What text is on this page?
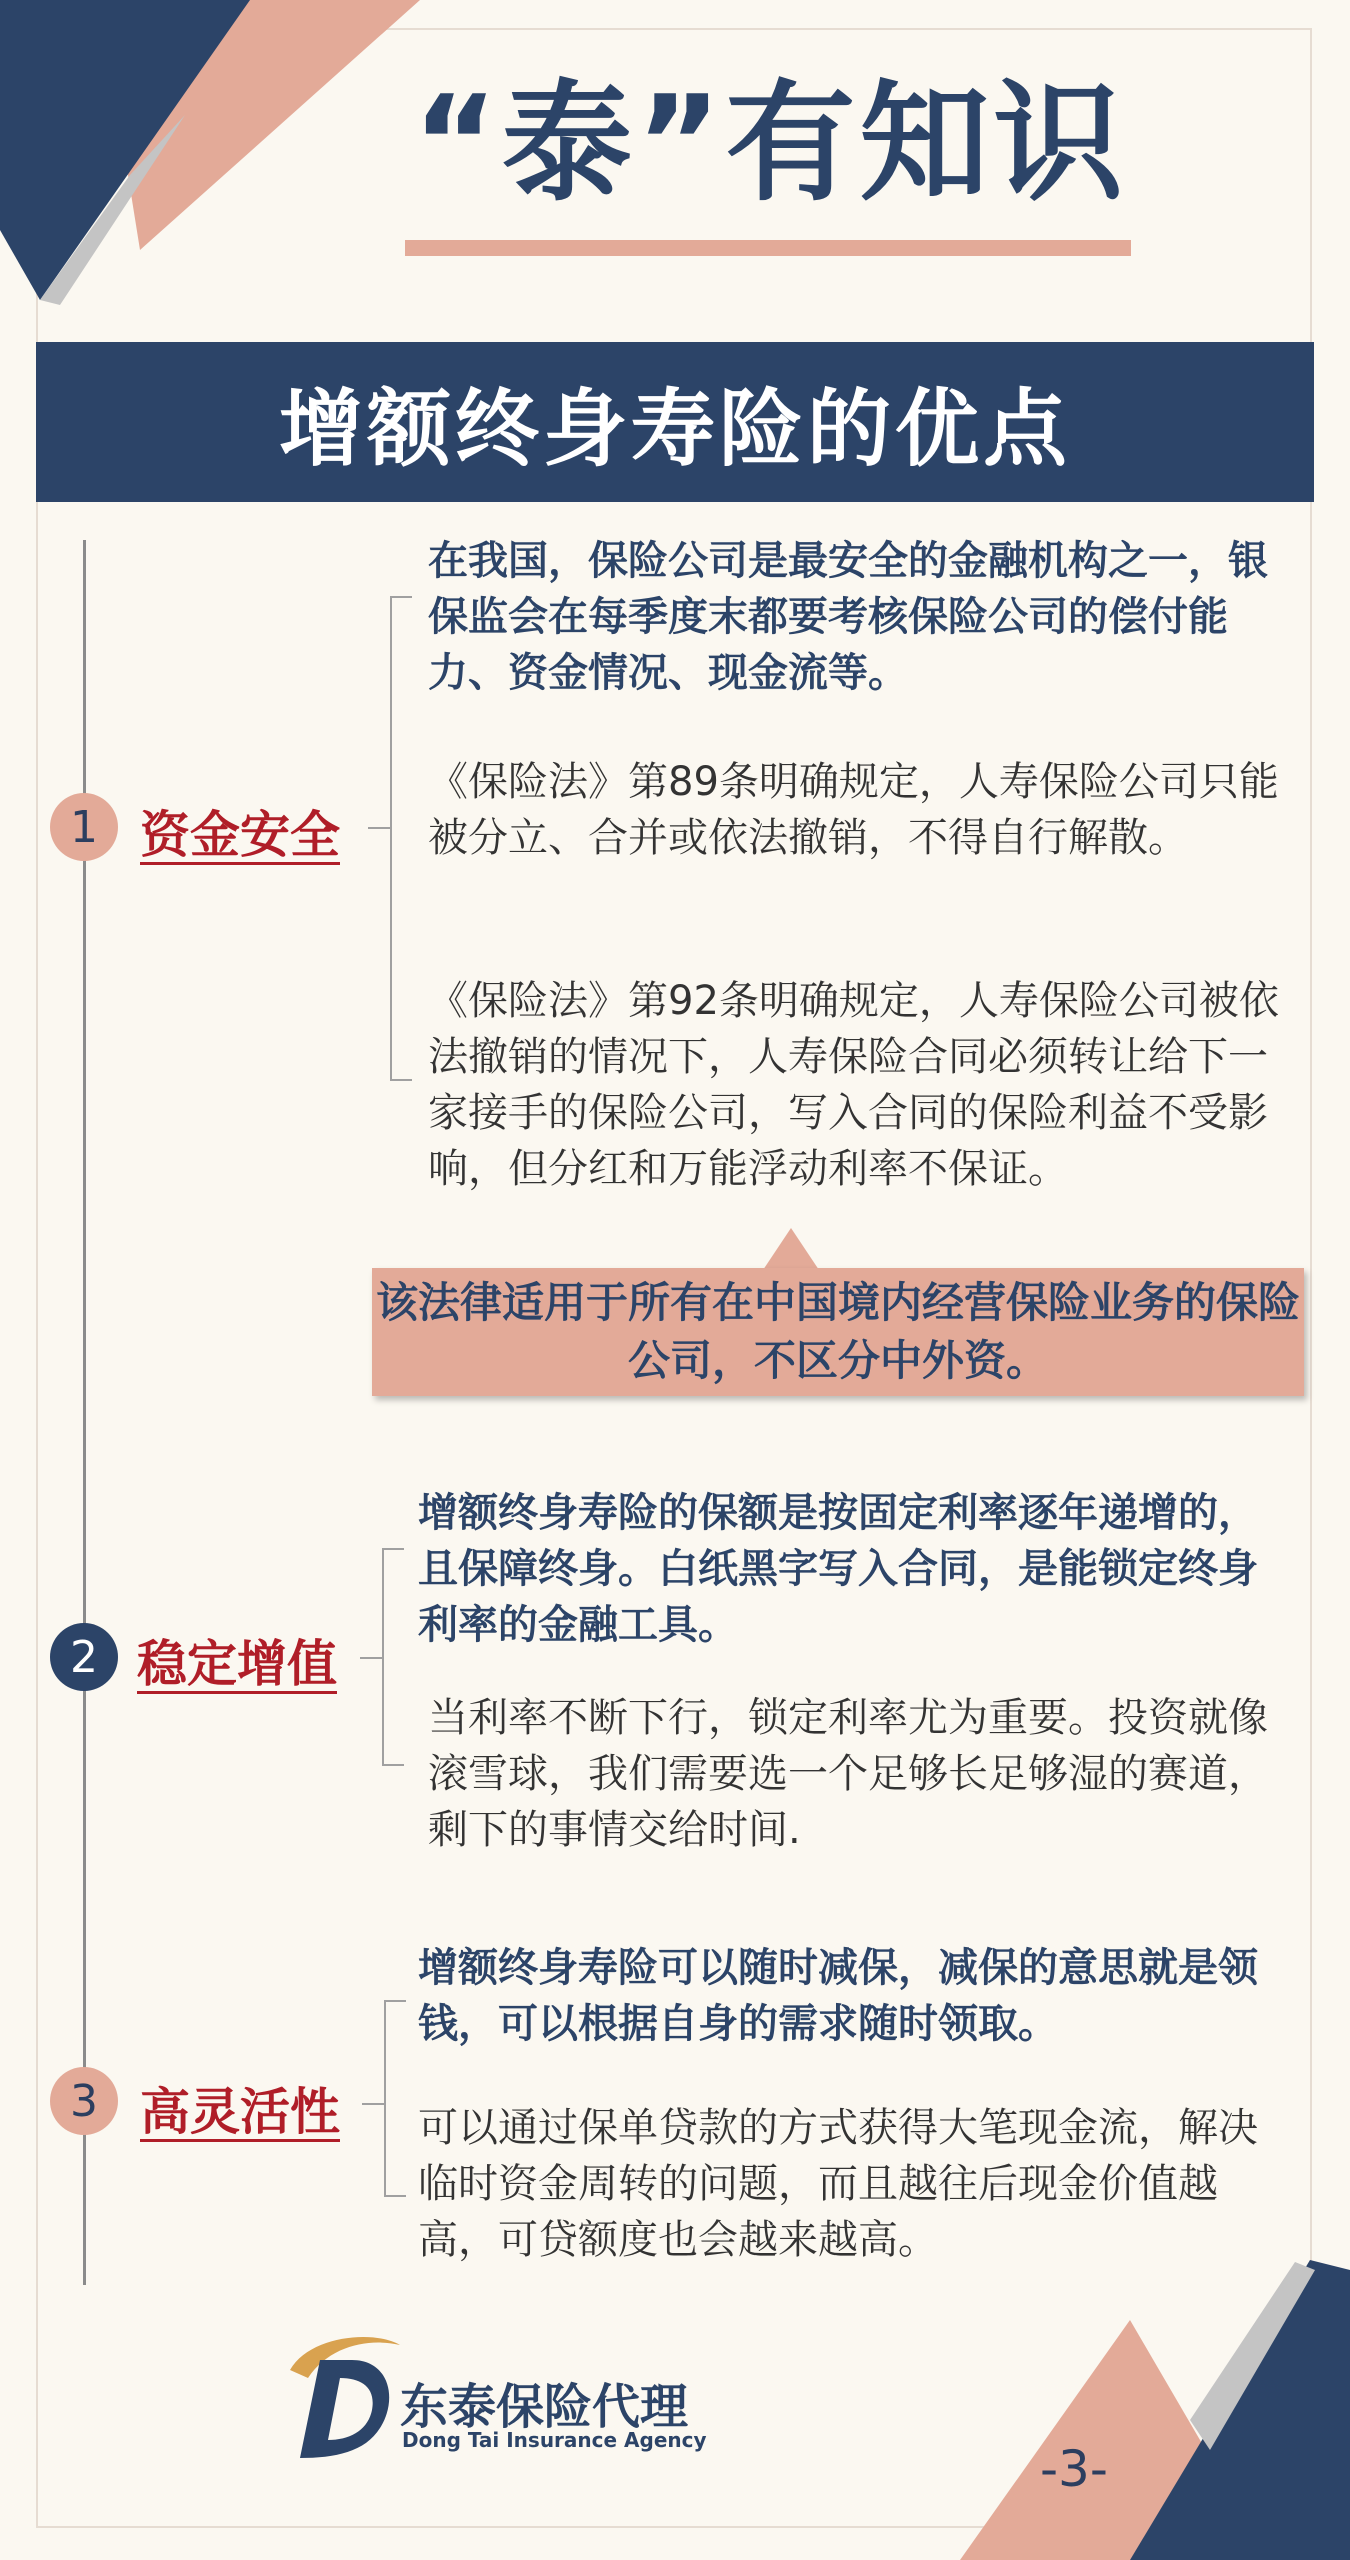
“泰”有知识
增额终身寿险的优点
1 资金安全

在我国，保险公司是最安全的金融机构之一，银保监会在每季度末都要考核保险公司的偿付能力、资金情况、现金流等。

《保险法》第89条明确规定，人寿保险公司只能被分立、合并或依法撤销，不得自行解散。

《保险法》第92条明确规定，人寿保险公司被依法撤销的情况下，人寿保险合同必须转让给下一家接手的保险公司，写入合同的保险利益不受影响，但分红和万能浮动利率不保证。

该法律适用于所有在中国境内经营保险业务的保险公司，不区分中外资。
2 稳定增值

增额终身寿险的保额是按固定利率逐年递增的，且保障终身。白纸黑字写入合同，是能锁定终身利率的金融工具。

当利率不断下行，锁定利率尤为重要。投资就像滚雪球，我们需要选一个足够长足够湿的赛道，剩下的事情交给时间.

3 高灵活性

增额终身寿险可以随时减保，减保的意思就是领钱，可以根据自身的需求随时领取。

可以通过保单贷款的方式获得大笔现金流，解决临时资金周转的问题，而且越往后现金价值越高，可贷额度也会越来越高。

东泰保险代理
Dong Tai Insurance Agency	-3-
